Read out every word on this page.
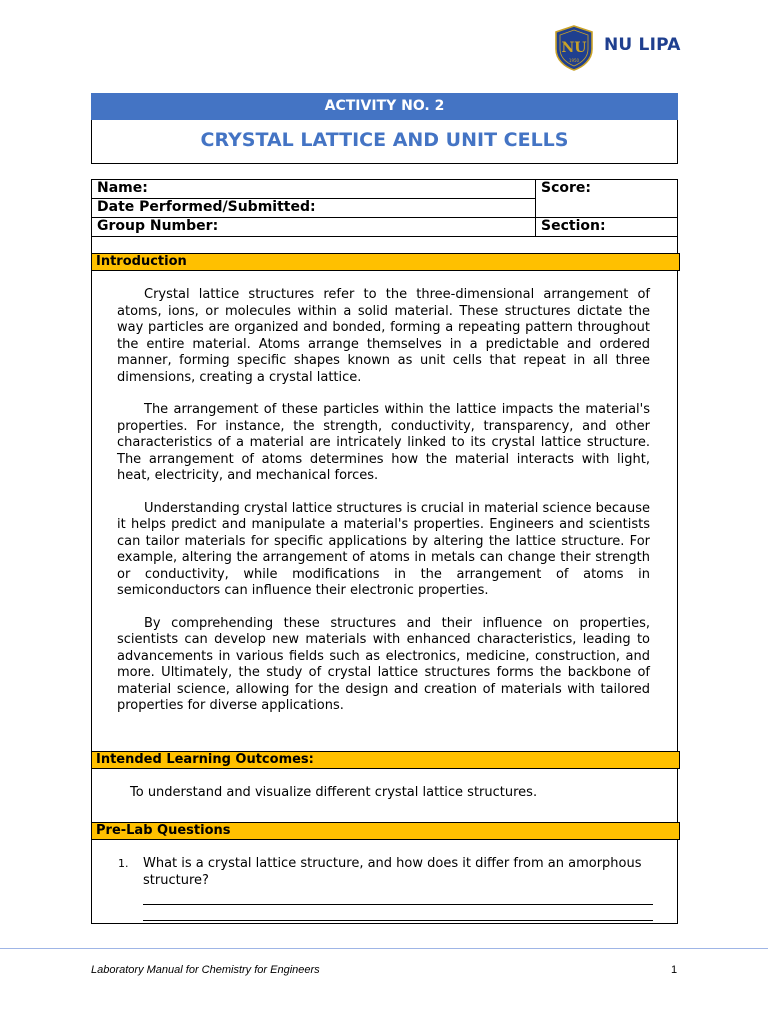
NU
1950
NU LIPA
ACTIVITY NO. 2
CRYSTAL LATTICE AND UNIT CELLS
Name:	Score:
Date Performed/Submitted:	
Group Number:	Section:
Introduction

Crystal lattice structures refer to the three-dimensional arrangement of atoms, ions, or molecules within a solid material. These structures dictate the way particles are organized and bonded, forming a repeating pattern throughout the entire material. Atoms arrange themselves in a predictable and ordered manner, forming specific shapes known as unit cells that repeat in all three dimensions, creating a crystal lattice.

The arrangement of these particles within the lattice impacts the material's properties. For instance, the strength, conductivity, transparency, and other characteristics of a material are intricately linked to its crystal lattice structure. The arrangement of atoms determines how the material interacts with light, heat, electricity, and mechanical forces.

Understanding crystal lattice structures is crucial in material science because it helps predict and manipulate a material's properties. Engineers and scientists can tailor materials for specific applications by altering the lattice structure. For example, altering the arrangement of atoms in metals can change their strength or conductivity, while modifications in the arrangement of atoms in semiconductors can influence their electronic properties.

By comprehending these structures and their influence on properties, scientists can develop new materials with enhanced characteristics, leading to advancements in various fields such as electronics, medicine, construction, and more. Ultimately, the study of crystal lattice structures forms the backbone of material science, allowing for the design and creation of materials with tailored properties for diverse applications.

Intended Learning Outcomes:
To understand and visualize different crystal lattice structures.
Pre-Lab Questions
1. What is a crystal lattice structure, and how does it differ from an amorphous structure?
Laboratory Manual for Chemistry for Engineers	1
